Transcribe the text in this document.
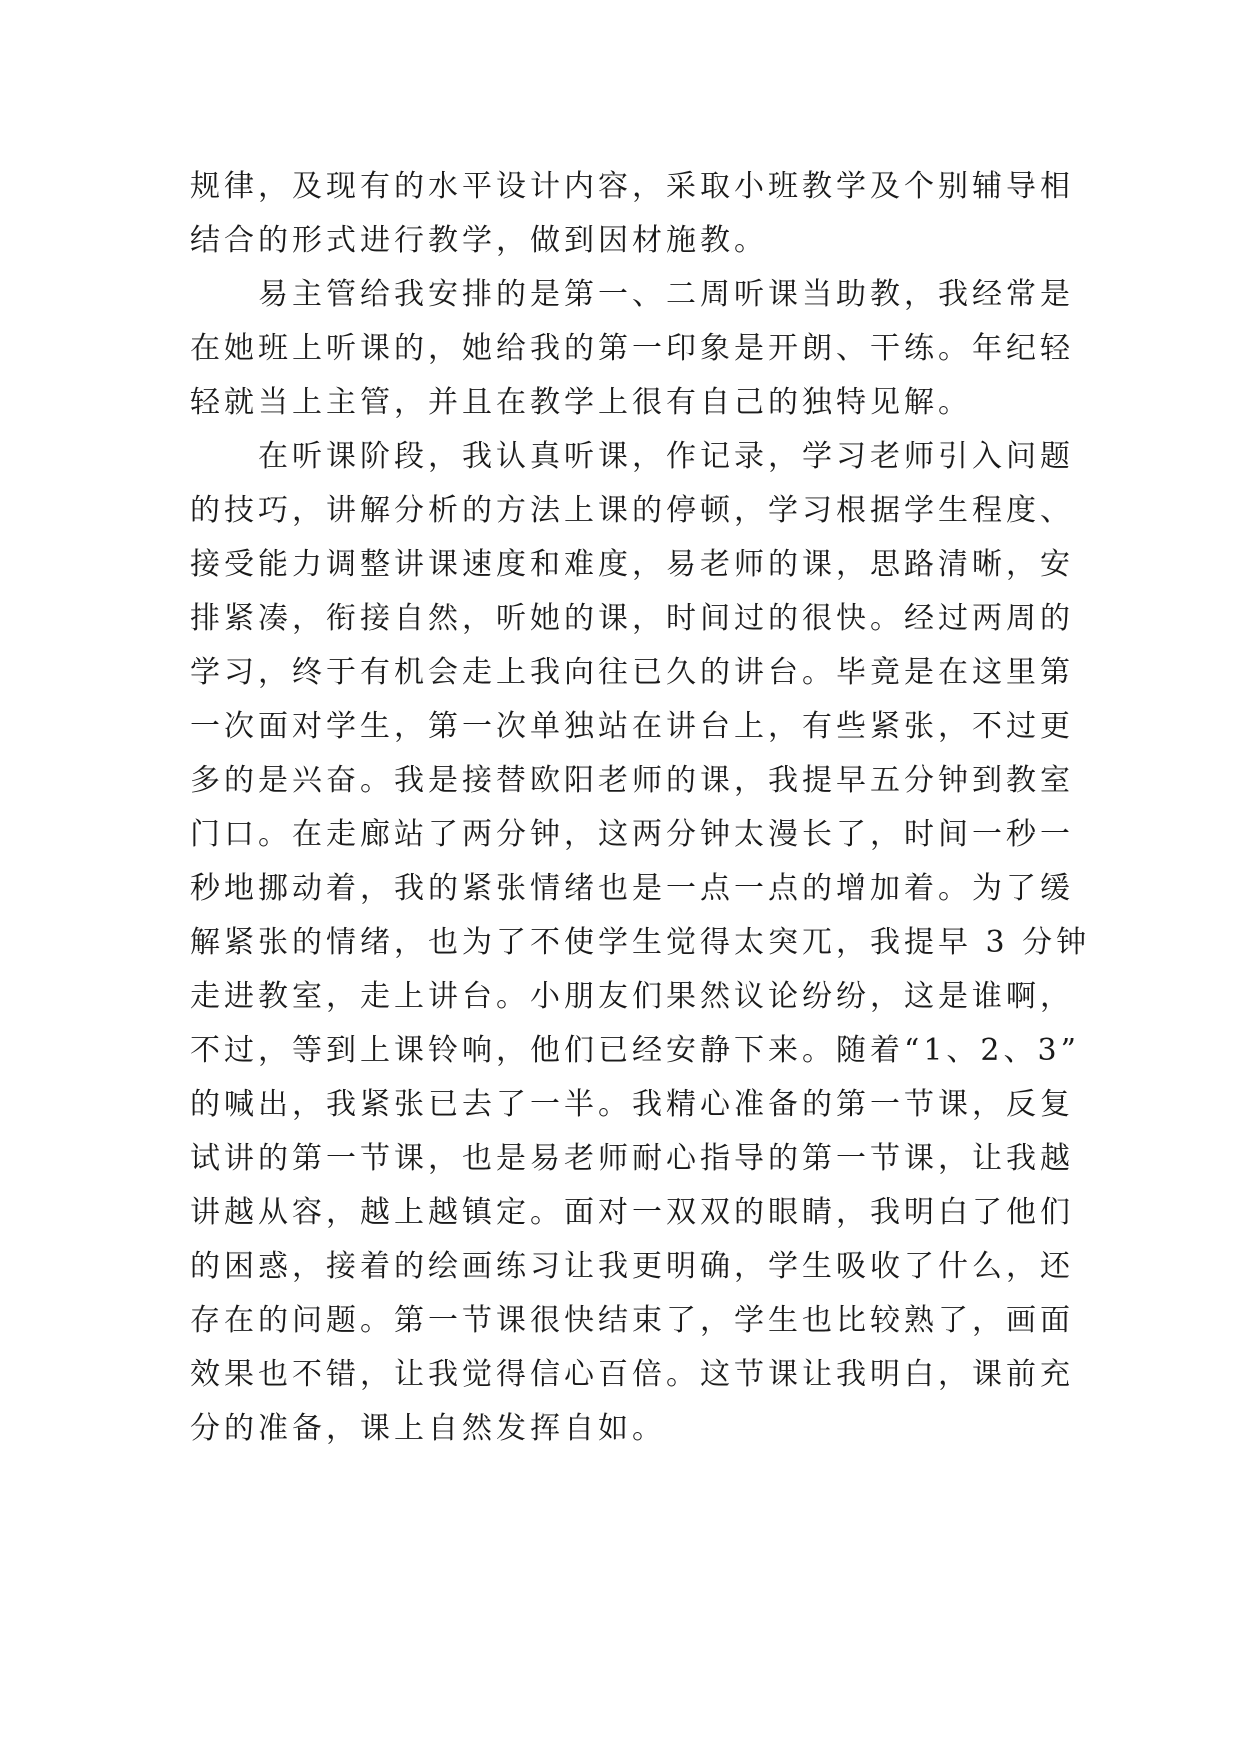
规律，及现有的水平设计内容，采取小班教学及个别辅导相
结合的形式进行教学，做到因材施教。
易主管给我安排的是第一、二周听课当助教，我经常是
在她班上听课的，她给我的第一印象是开朗、干练。年纪轻
轻就当上主管，并且在教学上很有自己的独特见解。
在听课阶段，我认真听课，作记录，学习老师引入问题
的技巧，讲解分析的方法上课的停顿，学习根据学生程度、
接受能力调整讲课速度和难度，易老师的课，思路清晰，安
排紧凑，衔接自然，听她的课，时间过的很快。经过两周的
学习，终于有机会走上我向往已久的讲台。毕竟是在这里第
一次面对学生，第一次单独站在讲台上，有些紧张，不过更
多的是兴奋。我是接替欧阳老师的课，我提早五分钟到教室
门口。在走廊站了两分钟，这两分钟太漫长了，时间一秒一
秒地挪动着，我的紧张情绪也是一点一点的增加着。为了缓
解紧张的情绪，也为了不使学生觉得太突兀，我提早 3 分钟
走进教室，走上讲台。小朋友们果然议论纷纷，这是谁啊，
不过，等到上课铃响，他们已经安静下来。随着“1、2、3”
的喊出，我紧张已去了一半。我精心准备的第一节课，反复
试讲的第一节课，也是易老师耐心指导的第一节课，让我越
讲越从容，越上越镇定。面对一双双的眼睛，我明白了他们
的困惑，接着的绘画练习让我更明确，学生吸收了什么，还
存在的问题。第一节课很快结束了，学生也比较熟了，画面
效果也不错，让我觉得信心百倍。这节课让我明白，课前充
分的准备，课上自然发挥自如。
